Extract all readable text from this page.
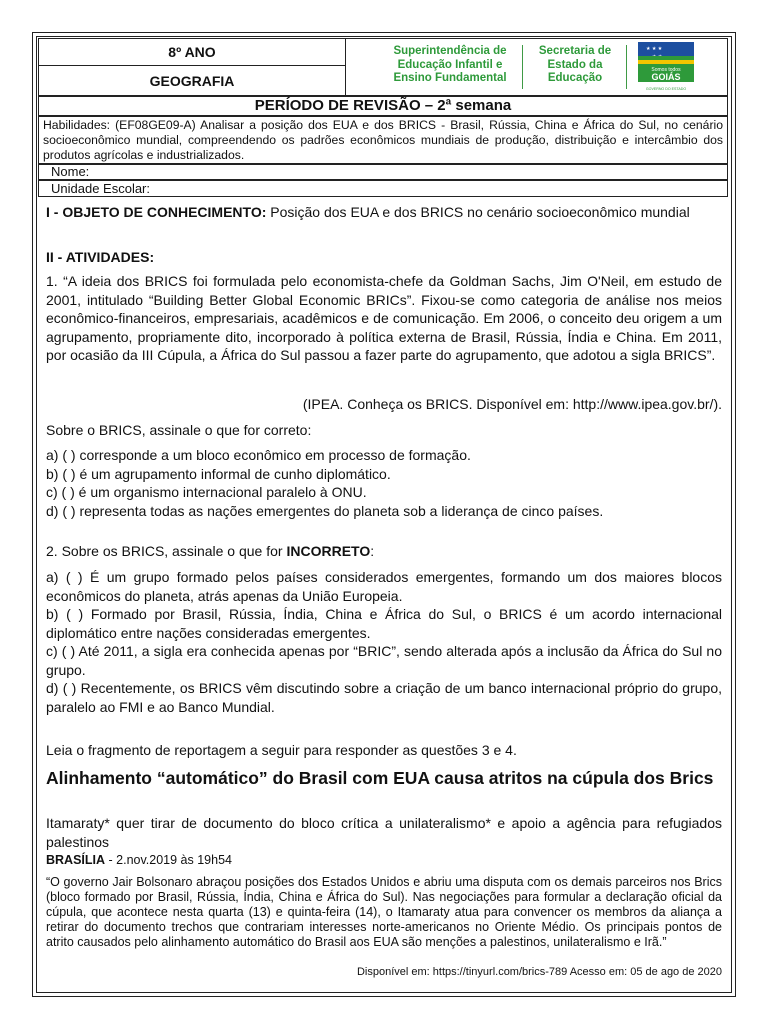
8º ANO
GEOGRAFIA
Superintendência de Educação Infantil e Ensino Fundamental
Secretaria de Estado da Educação
★ ★ ★
Somos todos
GOIÁS
GOVERNO DO ESTADO
PERÍODO DE REVISÃO – 2ª semana
Habilidades: (EF08GE09-A) Analisar a posição dos EUA e dos BRICS - Brasil, Rússia, China e África do Sul, no cenário socioeconômico mundial, compreendendo os padrões econômicos mundiais de produção, distribuição e intercâmbio dos produtos agrícolas e industrializados.
Nome:
Unidade Escolar:

I - OBJETO DE CONHECIMENTO: Posição dos EUA e dos BRICS no cenário socioeconômico mundial

II - ATIVIDADES:

1. “A ideia dos BRICS foi formulada pelo economista-chefe da Goldman Sachs, Jim O'Neil, em estudo de 2001, intitulado “Building Better Global Economic BRICs”. Fixou-se como categoria de análise nos meios econômico-financeiros, empresariais, acadêmicos e de comunicação. Em 2006, o conceito deu origem a um agrupamento, propriamente dito, incorporado à política externa de Brasil, Rússia, Índia e China. Em 2011, por ocasião da III Cúpula, a África do Sul passou a fazer parte do agrupamento, que adotou a sigla BRICS”.
(IPEA. Conheça os BRICS. Disponível em: http://www.ipea.gov.br/).
Sobre o BRICS, assinale o que for correto:

a) ( ) corresponde a um bloco econômico em processo de formação.

b) ( ) é um agrupamento informal de cunho diplomático.

c) ( ) é um organismo internacional paralelo à ONU.

d) ( ) representa todas as nações emergentes do planeta sob a liderança de cinco países.

2. Sobre os BRICS, assinale o que for INCORRETO:

a) ( ) É um grupo formado pelos países considerados emergentes, formando um dos maiores blocos econômicos do planeta, atrás apenas da União Europeia.

b) ( ) Formado por Brasil, Rússia, Índia, China e África do Sul, o BRICS é um acordo internacional diplomático entre nações consideradas emergentes.

c) ( ) Até 2011, a sigla era conhecida apenas por “BRIC”, sendo alterada após a inclusão da África do Sul no grupo.

d) ( ) Recentemente, os BRICS vêm discutindo sobre a criação de um banco internacional próprio do grupo, paralelo ao FMI e ao Banco Mundial.

Leia o fragmento de reportagem a seguir para responder as questões 3 e 4.
Alinhamento “automático” do Brasil com EUA causa atritos na cúpula dos Brics
Itamaraty* quer tirar de documento do bloco crítica a unilateralismo* e apoio a agência para refugiados palestinos

BRASÍLIA - 2.nov.2019 às 19h54

“O governo Jair Bolsonaro abraçou posições dos Estados Unidos e abriu uma disputa com os demais parceiros nos Brics (bloco formado por Brasil, Rússia, Índia, China e África do Sul). Nas negociações para formular a declaração oficial da cúpula, que acontece nesta quarta (13) e quinta-feira (14), o Itamaraty atua para convencer os membros da aliança a retirar do documento trechos que contrariam interesses norte-americanos no Oriente Médio. Os principais pontos de atrito causados pelo alinhamento automático do Brasil aos EUA são menções a palestinos, unilateralismo e Irã.”
Disponível em: https://tinyurl.com/brics-789 Acesso em: 05 de ago de 2020
